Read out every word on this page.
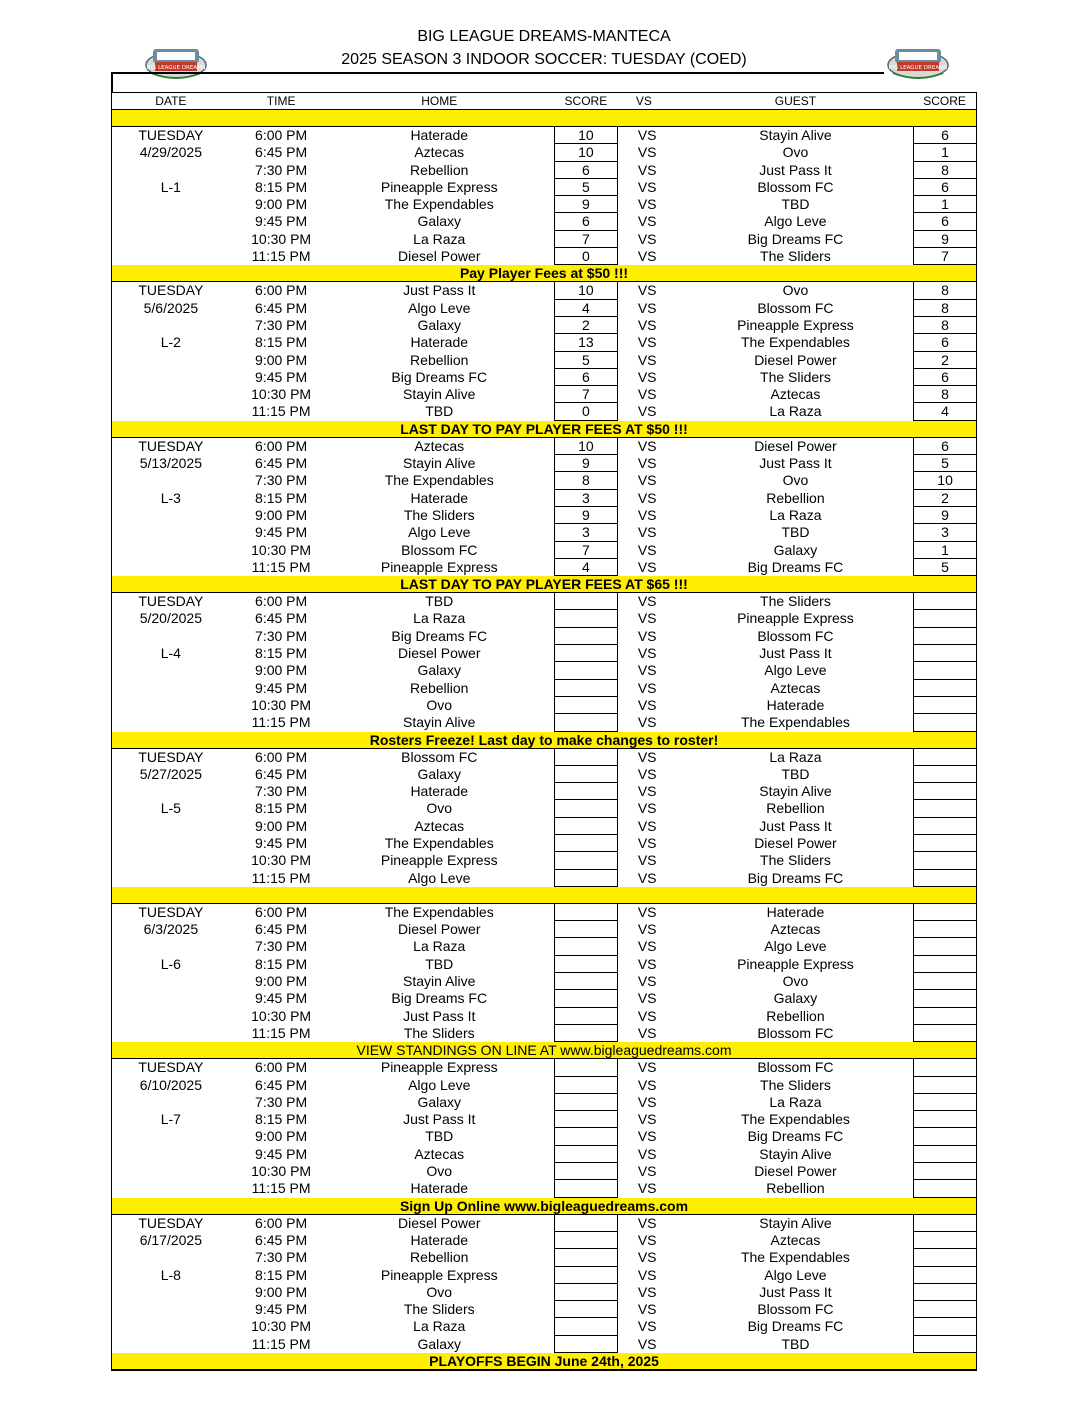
BIG LEAGUE DREAMS-MANTECA
2025 SEASON 3 INDOOR SOCCER: TUESDAY (COED)
BIG LEAGUE DREAMS	BIG LEAGUE DREAMS
DATE	TIME	HOME	SCORE	VS	GUEST	SCORE
TUESDAY	6:00 PM	Haterade	10	VS	Stayin Alive	6
4/29/2025	6:45 PM	Aztecas	10	VS	Ovo	1
7:30 PM	Rebellion	6	VS	Just Pass It	8
L-1	8:15 PM	Pineapple Express	5	VS	Blossom FC	6
9:00 PM	The Expendables	9	VS	TBD	1
9:45 PM	Galaxy	6	VS	Algo Leve	6
10:30 PM	La Raza	7	VS	Big Dreams FC	9
11:15 PM	Diesel Power	0	VS	The Sliders	7
Pay Player Fees at $50 !!!
TUESDAY	6:00 PM	Just Pass It	10	VS	Ovo	8
5/6/2025	6:45 PM	Algo Leve	4	VS	Blossom FC	8
7:30 PM	Galaxy	2	VS	Pineapple Express	8
L-2	8:15 PM	Haterade	13	VS	The Expendables	6
9:00 PM	Rebellion	5	VS	Diesel Power	2
9:45 PM	Big Dreams FC	6	VS	The Sliders	6
10:30 PM	Stayin Alive	7	VS	Aztecas	8
11:15 PM	TBD	0	VS	La Raza	4
LAST DAY TO PAY PLAYER FEES AT $50 !!!
TUESDAY	6:00 PM	Aztecas	10	VS	Diesel Power	6
5/13/2025	6:45 PM	Stayin Alive	9	VS	Just Pass It	5
7:30 PM	The Expendables	8	VS	Ovo	10
L-3	8:15 PM	Haterade	3	VS	Rebellion	2
9:00 PM	The Sliders	9	VS	La Raza	9
9:45 PM	Algo Leve	3	VS	TBD	3
10:30 PM	Blossom FC	7	VS	Galaxy	1
11:15 PM	Pineapple Express	4	VS	Big Dreams FC	5
LAST DAY TO PAY PLAYER FEES AT $65 !!!
TUESDAY	6:00 PM	TBD	VS	The Sliders
5/20/2025	6:45 PM	La Raza	VS	Pineapple Express
7:30 PM	Big Dreams FC	VS	Blossom FC
L-4	8:15 PM	Diesel Power	VS	Just Pass It
9:00 PM	Galaxy	VS	Algo Leve
9:45 PM	Rebellion	VS	Aztecas
10:30 PM	Ovo	VS	Haterade
11:15 PM	Stayin Alive	VS	The Expendables
Rosters Freeze! Last day to make changes to roster!
TUESDAY	6:00 PM	Blossom FC	VS	La Raza
5/27/2025	6:45 PM	Galaxy	VS	TBD
7:30 PM	Haterade	VS	Stayin Alive
L-5	8:15 PM	Ovo	VS	Rebellion
9:00 PM	Aztecas	VS	Just Pass It
9:45 PM	The Expendables	VS	Diesel Power
10:30 PM	Pineapple Express	VS	The Sliders
11:15 PM	Algo Leve	VS	Big Dreams FC
TUESDAY	6:00 PM	The Expendables	VS	Haterade
6/3/2025	6:45 PM	Diesel Power	VS	Aztecas
7:30 PM	La Raza	VS	Algo Leve
L-6	8:15 PM	TBD	VS	Pineapple Express
9:00 PM	Stayin Alive	VS	Ovo
9:45 PM	Big Dreams FC	VS	Galaxy
10:30 PM	Just Pass It	VS	Rebellion
11:15 PM	The Sliders	VS	Blossom FC
VIEW STANDINGS ON LINE AT www.bigleaguedreams.com
TUESDAY	6:00 PM	Pineapple Express	VS	Blossom FC
6/10/2025	6:45 PM	Algo Leve	VS	The Sliders
7:30 PM	Galaxy	VS	La Raza
L-7	8:15 PM	Just Pass It	VS	The Expendables
9:00 PM	TBD	VS	Big Dreams FC
9:45 PM	Aztecas	VS	Stayin Alive
10:30 PM	Ovo	VS	Diesel Power
11:15 PM	Haterade	VS	Rebellion
Sign Up Online www.bigleaguedreams.com
TUESDAY	6:00 PM	Diesel Power	VS	Stayin Alive
6/17/2025	6:45 PM	Haterade	VS	Aztecas
7:30 PM	Rebellion	VS	The Expendables
L-8	8:15 PM	Pineapple Express	VS	Algo Leve
9:00 PM	Ovo	VS	Just Pass It
9:45 PM	The Sliders	VS	Blossom FC
10:30 PM	La Raza	VS	Big Dreams FC
11:15 PM	Galaxy	VS	TBD
PLAYOFFS BEGIN June 24th, 2025
